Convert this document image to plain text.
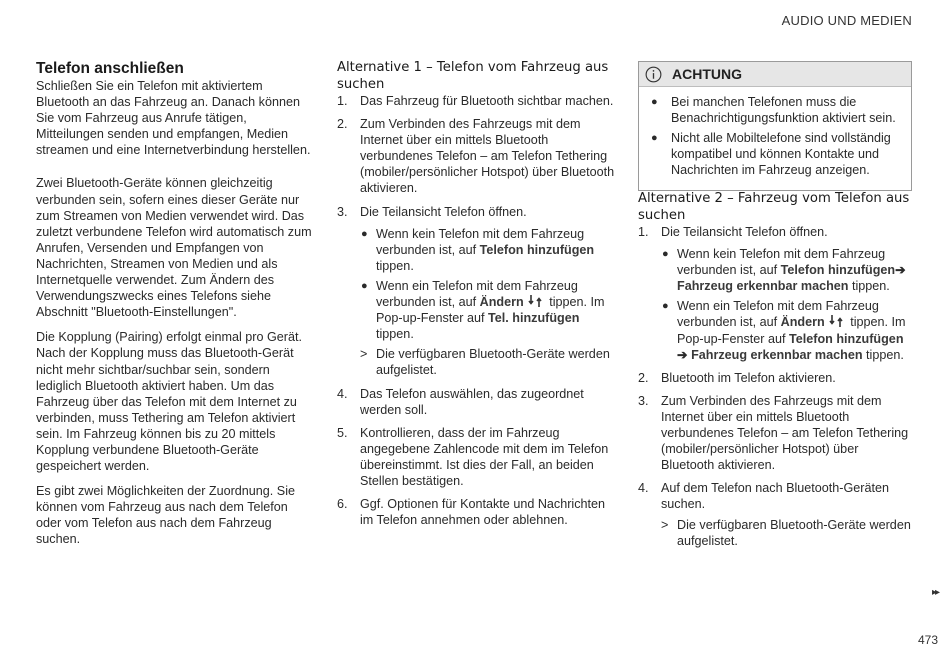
AUDIO UND MEDIEN
Telefon anschließen

Schließen Sie ein Telefon mit aktiviertem Bluetooth an das Fahrzeug an. Danach können Sie vom Fahrzeug aus Anrufe tätigen, Mitteilungen senden und empfangen, Medien streamen und eine Internetverbindung herstellen.

Zwei Bluetooth-Geräte können gleichzeitig verbunden sein, sofern eines dieser Geräte nur zum Streamen von Medien verwendet wird. Das zuletzt verbundene Telefon wird automatisch zum Anrufen, Versenden und Empfangen von Nachrichten, Streamen von Medien und als Internetquelle verwendet. Zum Ändern des Verwendungszwecks eines Telefons siehe Abschnitt "Bluetooth-Einstellungen".

Die Kopplung (Pairing) erfolgt einmal pro Gerät. Nach der Kopplung muss das Bluetooth-Gerät nicht mehr sichtbar/suchbar sein, sondern lediglich Bluetooth aktiviert haben. Um das Fahrzeug über das Telefon mit dem Internet zu verbinden, muss Tethering am Telefon aktiviert sein. Im Fahrzeug können bis zu 20 mittels Kopplung verbundene Bluetooth-Geräte gespeichert werden.

Es gibt zwei Möglichkeiten der Zuordnung. Sie können vom Fahrzeug aus nach dem Telefon oder vom Telefon aus nach dem Fahrzeug suchen.

Alternative 1 – Telefon vom Fahrzeug aus suchen
1. Das Fahrzeug für Bluetooth sichtbar machen.
2. Zum Verbinden des Fahrzeugs mit dem Internet über ein mittels Bluetooth verbundenes Telefon – am Telefon Tethering (mobiler/persönlicher Hotspot) über Bluetooth aktivieren.
3. Die Teilansicht Telefon öffnen.
● Wenn kein Telefon mit dem Fahrzeug verbunden ist, auf Telefon hinzufügen tippen.
● Wenn ein Telefon mit dem Fahrzeug verbunden ist, auf Ändern tippen. Im Pop-up-Fenster auf Tel. hinzufügen tippen.
> Die verfügbaren Bluetooth-Geräte werden aufgelistet.
4. Das Telefon auswählen, das zugeordnet werden soll.
5. Kontrollieren, dass der im Fahrzeug angegebene Zahlencode mit dem im Telefon übereinstimmt. Ist dies der Fall, an beiden Stellen bestätigen.
6. Ggf. Optionen für Kontakte und Nachrichten im Telefon annehmen oder ablehnen.
ACHTUNG
● Bei manchen Telefonen muss die Benachrichtigungsfunktion aktiviert sein.
● Nicht alle Mobiltelefone sind vollständig kompatibel und können Kontakte und Nachrichten im Fahrzeug anzeigen.
Alternative 2 – Fahrzeug vom Telefon aus suchen
1. Die Teilansicht Telefon öffnen.
● Wenn kein Telefon mit dem Fahrzeug verbunden ist, auf Telefon hinzufügen➔ Fahrzeug erkennbar machen tippen.
● Wenn ein Telefon mit dem Fahrzeug verbunden ist, auf Ändern tippen. Im Pop-up-Fenster auf Telefon hinzufügen
➔ Fahrzeug erkennbar machen tippen.
2. Bluetooth im Telefon aktivieren.
3. Zum Verbinden des Fahrzeugs mit dem Internet über ein mittels Bluetooth verbundenes Telefon – am Telefon Tethering (mobiler/persönlicher Hotspot) über Bluetooth aktivieren.
4. Auf dem Telefon nach Bluetooth-Geräten suchen.
> Die verfügbaren Bluetooth-Geräte werden aufgelistet.
▸▸
473
